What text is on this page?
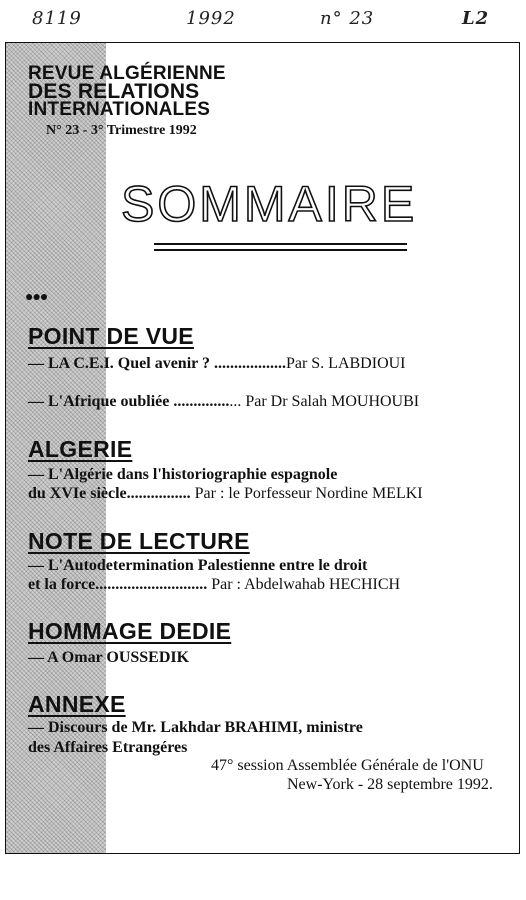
8119	1992	n° 23	L2
REVUE ALGÉRIENNE
DES RELATIONS
INTERNATIONALES
N° 23 - 3° Trimestre 1992
SOMMAIRE
●●●
POINT DE VUE
— LA C.E.I. Quel avenir ? ..................Par S. LABDIOUI
— L'Afrique oubliée ................. Par Dr Salah MOUHOUBI
ALGERIE
— L'Algérie dans l'historiographie espagnole
du XVIe siècle................ Par : le Porfesseur Nordine MELKI
NOTE DE LECTURE
— L'Autodetermination Palestienne entre le droit
et la force............................ Par : Abdelwahab HECHICH
HOMMAGE DEDIE
— A Omar OUSSEDIK
ANNEXE
— Discours de Mr. Lakhdar BRAHIMI, ministre
des Affaires Etrangéres
47° session Assemblée Générale de l'ONU
New-York - 28 septembre 1992.
